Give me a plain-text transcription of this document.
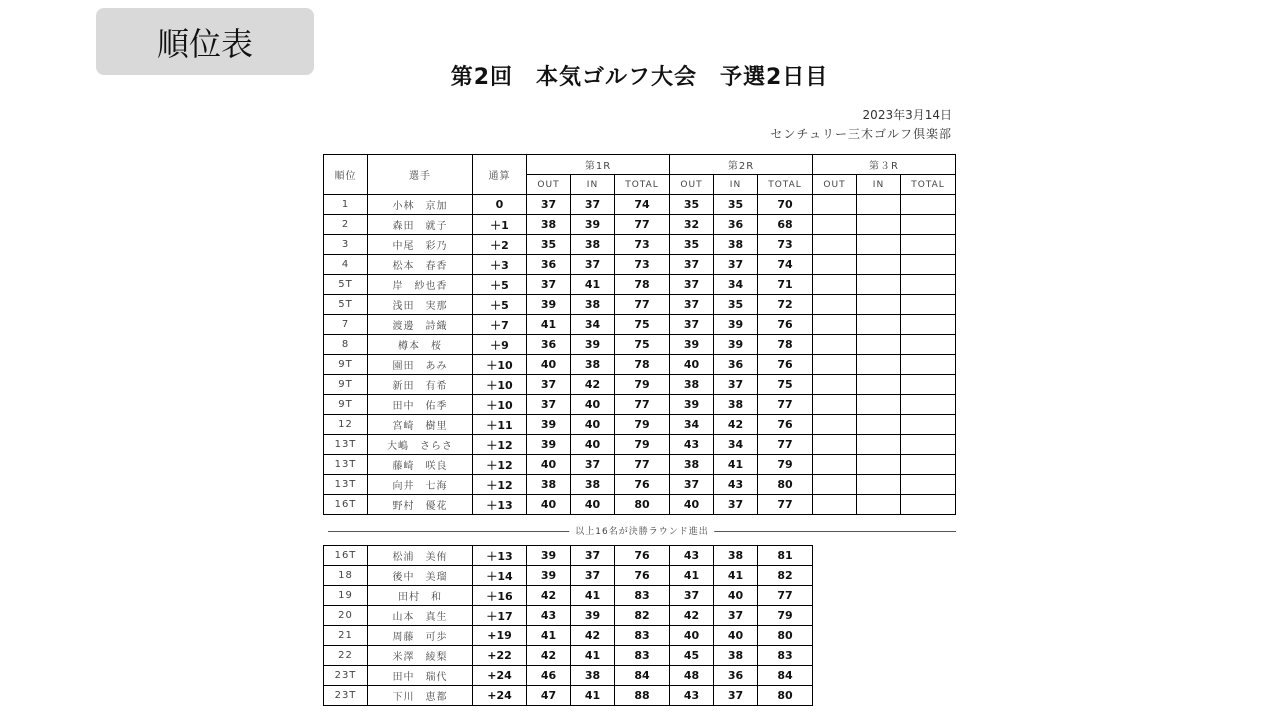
順位表
第2回　本気ゴルフ大会　予選2日目
2023年3月14日
センチュリー三木ゴルフ倶楽部
順位	選手	通算	第1R			第2R			第３R		
			OUT	IN	TOTAL	OUT	IN	TOTAL	OUT	IN	TOTAL
1	小林　京加	0	37	37	74	35	35	70			
2	森田　就子	＋1	38	39	77	32	36	68			
3	中尾　彩乃	＋2	35	38	73	35	38	73			
4	松本　春香	＋3	36	37	73	37	37	74			
5T	岸　紗也香	＋5	37	41	78	37	34	71			
5T	浅田　実那	＋5	39	38	77	37	35	72			
7	渡邊　詩織	＋7	41	34	75	37	39	76			
8	樽本　桜	＋9	36	39	75	39	39	78			
9T	園田　あみ	＋10	40	38	78	40	36	76			
9T	新田　有希	＋10	37	42	79	38	37	75			
9T	田中　佑季	＋10	37	40	77	39	38	77			
12	宮崎　樹里	＋11	39	40	79	34	42	76			
13T	大嶋　さらさ	＋12	39	40	79	43	34	77			
13T	藤崎　咲良	＋12	40	37	77	38	41	79			
13T	向井　七海	＋12	38	38	76	37	43	80			
16T	野村　優花	＋13	40	40	80	40	37	77			
以上16名が決勝ラウンド進出
16T	松浦　美侑	＋13	39	37	76	43	38	81
18	後中　美瑠	＋14	39	37	76	41	41	82
19	田村　和	＋16	42	41	83	37	40	77
20	山本　真生	＋17	43	39	82	42	37	79
21	周藤　可歩	+19	41	42	83	40	40	80
22	米澤　綾梨	+22	42	41	83	45	38	83
23T	田中　瑞代	+24	46	38	84	48	36	84
23T	下川　恵都	+24	47	41	88	43	37	80
